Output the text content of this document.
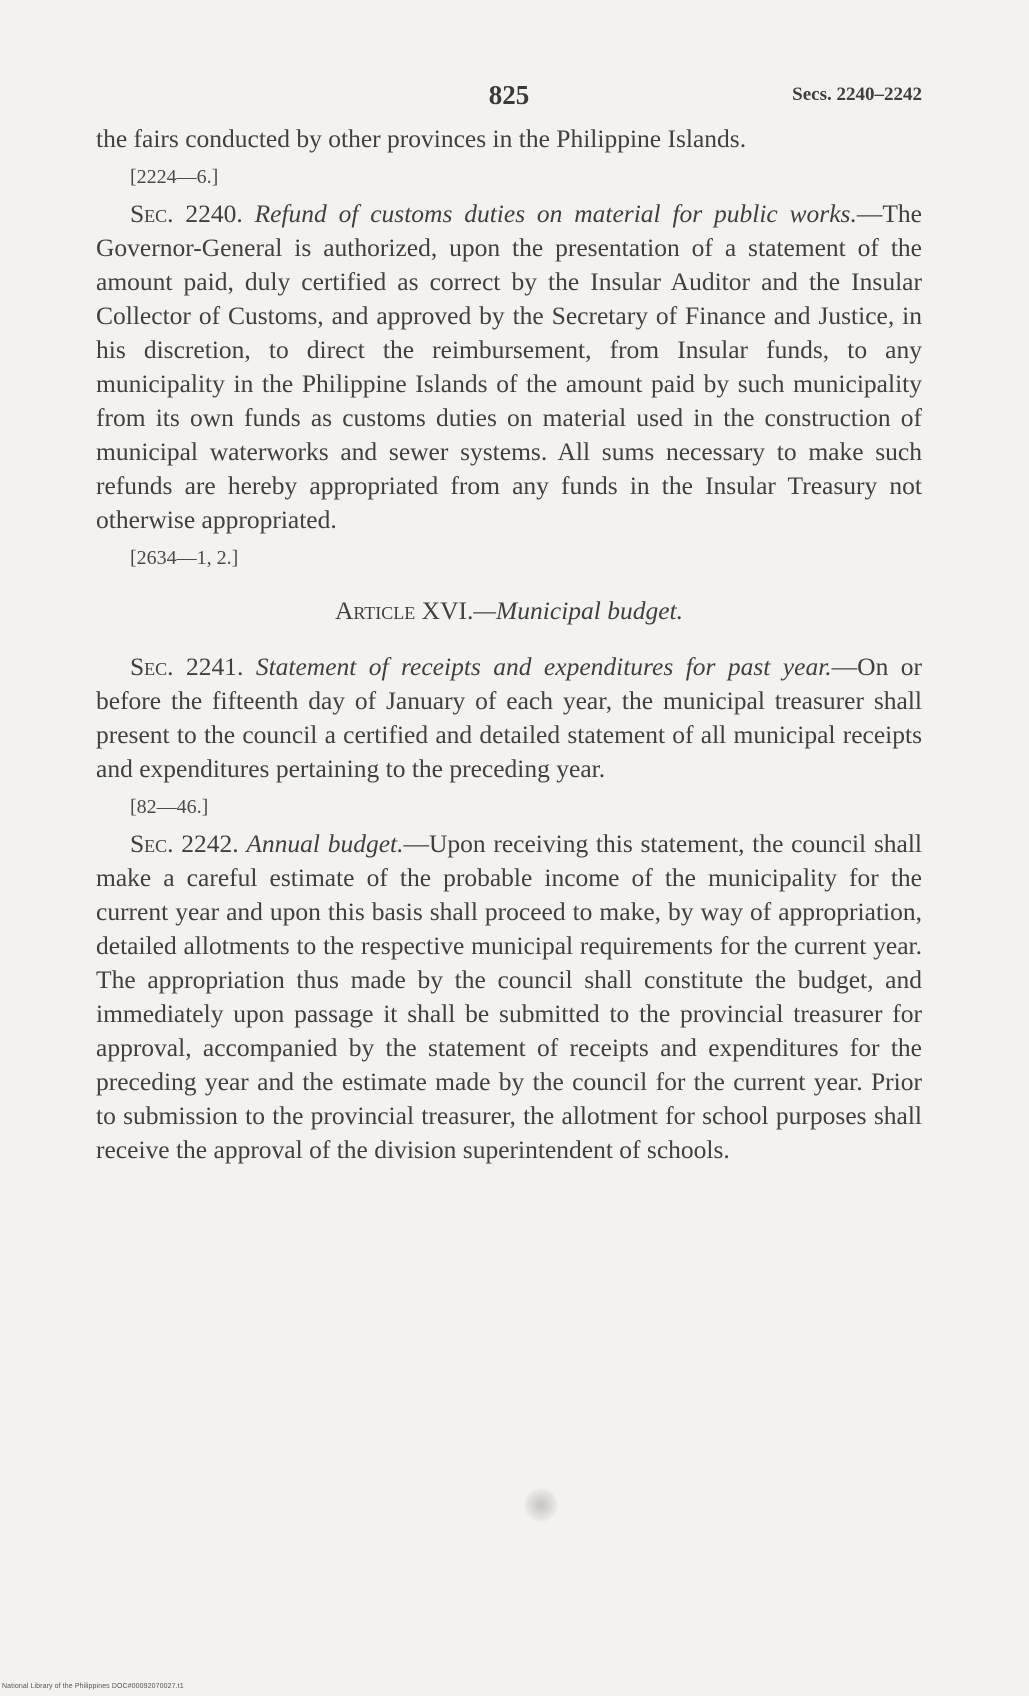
825	Secs. 2240–2242

the fairs conducted by other provinces in the Philippine Islands.

[2224—6.]

Sec. 2240. Refund of customs duties on material for public works.—The Governor-General is authorized, upon the presentation of a statement of the amount paid, duly certified as correct by the Insular Auditor and the Insular Collector of Customs, and approved by the Secretary of Finance and Justice, in his discretion, to direct the reimbursement, from Insular funds, to any municipality in the Philippine Islands of the amount paid by such municipality from its own funds as customs duties on material used in the construction of municipal waterworks and sewer systems. All sums necessary to make such refunds are hereby appropriated from any funds in the Insular Treasury not otherwise appropriated.

[2634—1, 2.]
Article XVI.—Municipal budget.

Sec. 2241. Statement of receipts and expenditures for past year.—On or before the fifteenth day of January of each year, the municipal treasurer shall present to the council a certified and detailed statement of all municipal receipts and expenditures pertaining to the preceding year.

[82—46.]

Sec. 2242. Annual budget.—Upon receiving this statement, the council shall make a careful estimate of the probable income of the municipality for the current year and upon this basis shall proceed to make, by way of appropriation, detailed allotments to the respective municipal requirements for the current year. The appropriation thus made by the council shall constitute the budget, and immediately upon passage it shall be submitted to the provincial treasurer for approval, accompanied by the statement of receipts and expenditures for the preceding year and the estimate made by the council for the current year. Prior to submission to the provincial treasurer, the allotment for school purposes shall receive the approval of the division superintendent of schools.

National Library of the Philippines DOC#00092070027.t1
